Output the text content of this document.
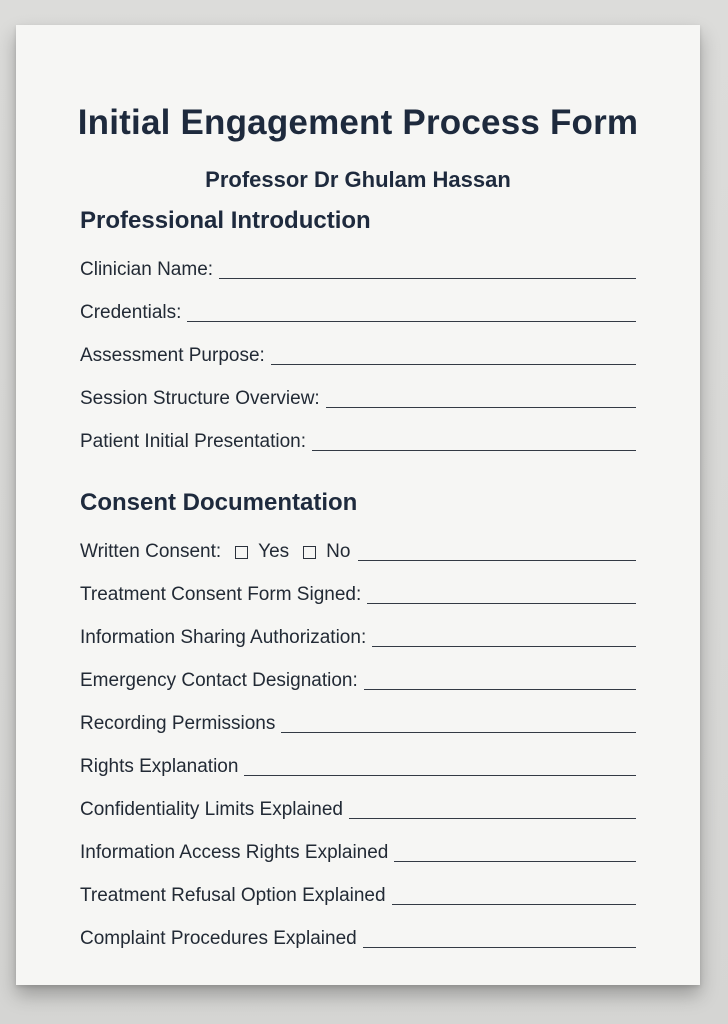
Initial Engagement Process Form
Professor Dr Ghulam Hassan
Professional Introduction
Clinician Name:
Credentials:
Assessment Purpose:
Session Structure Overview:
Patient Initial Presentation:
Consent Documentation
Written Consent: Yes No
Treatment Consent Form Signed:
Information Sharing Authorization:
Emergency Contact Designation:
Recording Permissions
Rights Explanation
Confidentiality Limits Explained
Information Access Rights Explained
Treatment Refusal Option Explained
Complaint Procedures Explained
